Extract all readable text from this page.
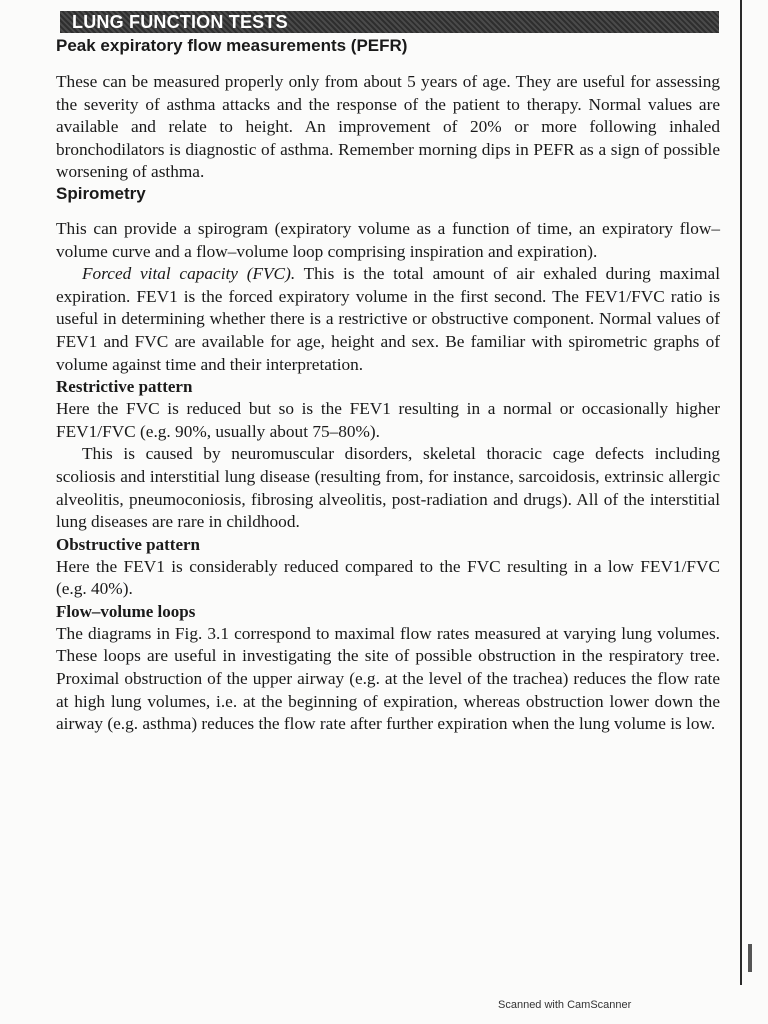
LUNG FUNCTION TESTS
Peak expiratory flow measurements (PEFR)

These can be measured properly only from about 5 years of age. They are useful for assessing the severity of asthma attacks and the response of the patient to therapy. Normal values are available and relate to height. An improvement of 20% or more following inhaled bronchodilators is diagnostic of asthma. Remember morning dips in PEFR as a sign of possible worsening of asthma.

Spirometry

This can provide a spirogram (expiratory volume as a function of time, an expiratory flow–volume curve and a flow–volume loop comprising inspiration and expiration).

Forced vital capacity (FVC). This is the total amount of air exhaled during maximal expiration. FEV1 is the forced expiratory volume in the first second. The FEV1/FVC ratio is useful in determining whether there is a restrictive or obstructive component. Normal values of FEV1 and FVC are available for age, height and sex. Be familiar with spirometric graphs of volume against time and their interpretation.

Restrictive pattern

Here the FVC is reduced but so is the FEV1 resulting in a normal or occasionally higher FEV1/FVC (e.g. 90%, usually about 75–80%).

This is caused by neuromuscular disorders, skeletal thoracic cage defects including scoliosis and interstitial lung disease (resulting from, for instance, sarcoidosis, extrinsic allergic alveolitis, pneumoconiosis, fibrosing alveolitis, post-radiation and drugs). All of the interstitial lung diseases are rare in childhood.

Obstructive pattern

Here the FEV1 is considerably reduced compared to the FVC resulting in a low FEV1/FVC (e.g. 40%).

Flow–volume loops

The diagrams in Fig. 3.1 correspond to maximal flow rates measured at varying lung volumes. These loops are useful in investigating the site of possible obstruction in the respiratory tree. Proximal obstruction of the upper airway (e.g. at the level of the trachea) reduces the flow rate at high lung volumes, i.e. at the beginning of expiration, whereas obstruction lower down the airway (e.g. asthma) reduces the flow rate after further expiration when the lung volume is low.

Scanned with CamScanner
